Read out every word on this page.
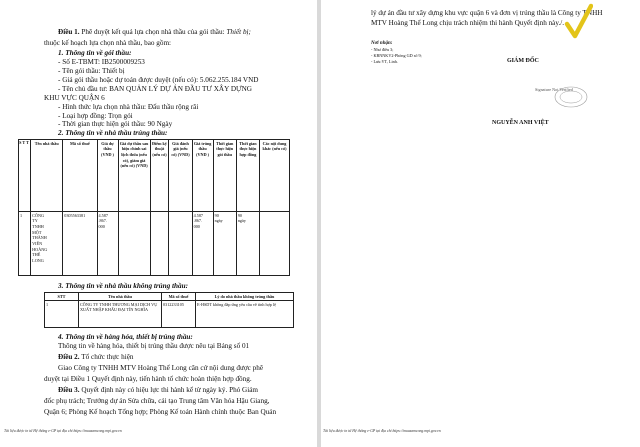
Điều 1. Phê duyệt kết quả lựa chọn nhà thầu của gói thầu: Thiết bị;
thuộc kế hoạch lựa chọn nhà thầu, bao gồm:
1. Thông tin về gói thầu:
- Số E-TBMT: IB2500009253
- Tên gói thầu: Thiết bị
- Giá gói thầu hoặc dự toán được duyệt (nếu có): 5.062.255.184 VND
- Tên chủ đầu tư: BAN QUẢN LÝ DỰ ÁN ĐẦU TƯ XÂY DỰNG
KHU VỰC QUẬN 6
- Hình thức lựa chọn nhà thầu: Đấu thầu rộng rãi
- Loại hợp đồng: Trọn gói
- Thời gian thực hiện gói thầu: 90 Ngày
2. Thông tin về nhà thầu trúng thầu:
S T T	Tên nhà thầu	Mã số thuế	Giá dự thầu (VND )	Giá dự thầu sau hiệu chỉnh sai lệch thừa (nếu có), giảm giá (nếu có) (VND)	Điểm kỹ thuật (nếu có)	Giá đánh giá (nếu có) (VND)	Giá trúng thầu (VND )	Thời gian thực hiện gói thầu	Thời gian thực hiện hợp đồng	Các nội dung khác (nếu có)

1	CÔNG TY TNHH MỘT THÀNH VIÊN HOÀNG THỂ LONG	0305563381	4.587 .867. 000				4.587 .867. 000	90 ngày	90 ngày	

3. Thông tin về nhà thầu không trúng thầu:
STT	Tên nhà thầu	Mã số thuế	Lý do nhà thầu không trúng thầu

1	CÔNG TY TNHH THƯƠNG MẠI DỊCH VỤ XUẤT NHẬP KHẨU ĐẠI TÍN NGHĨA	0312233105	E-HSDT không đáp ứng yêu cầu về tính hợp lệ
4. Thông tin về hàng hóa, thiết bị trúng thầu:
Thông tin về hàng hóa, thiết bị trúng thầu được nêu tại Bảng số 01
Điều 2. Tổ chức thực hiện
Giao Công ty TNHH MTV Hoàng Thể Long căn cứ nội dung được phê
duyệt tại Điều 1 Quyết định này, tiến hành tổ chức hoàn thiện hợp đồng.
Điều 3. Quyết định này có hiệu lực thi hành kể từ ngày ký. Phó Giám
đốc phụ trách; Trưởng dự án Sửa chữa, cải tạo Trung tâm Văn hóa Hậu Giang,
Quận 6; Phòng Kế hoạch Tổng hợp; Phòng Kế toán Hành chính thuộc Ban Quản
Tài liệu được in từ Hệ thống e-GP tại địa chỉ https://muasamcong.mpi.gov.vn
lý dự án đầu tư xây dựng khu vực quận 6 và đơn vị trúng thầu là Công ty TNHH
MTV Hoàng Thể Long chịu trách nhiệm thi hành Quyết định này./.
Nơi nhận:
- Như điều 3;
- KBNNKV2-Phòng GD số 9;
- Lưu:VT, Linh.	GIÁM ĐỐC
Signature Not Verified
NGUYỄN ANH VIỆT
Tài liệu được in từ Hệ thống e-GP tại địa chỉ https://muasamcong.mpi.gov.vn
